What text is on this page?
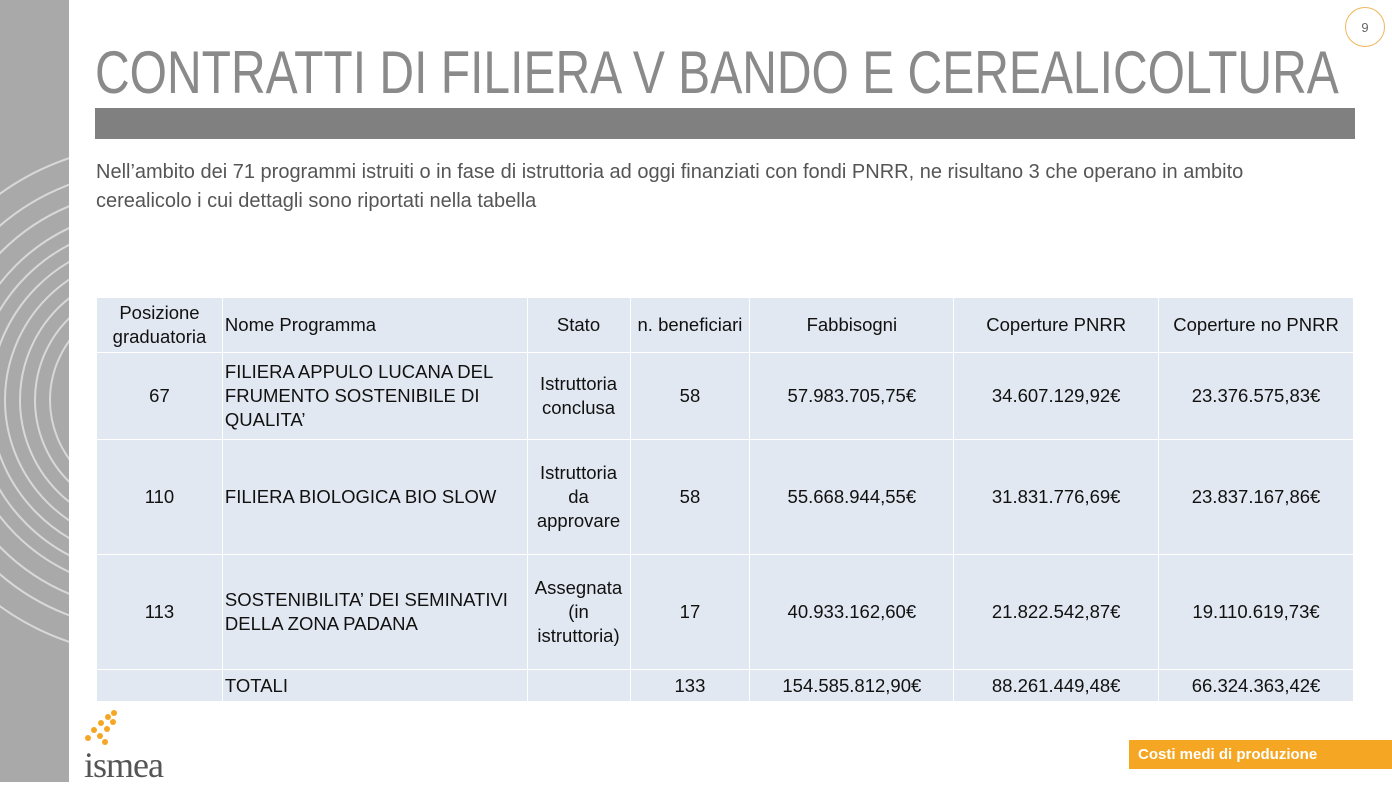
9
CONTRATTI DI FILIERA V BANDO E CEREALICOLTURA
Nell’ambito dei 71 programmi istruiti o in fase di istruttoria ad oggi finanziati con fondi PNRR, ne risultano 3 che operano in ambito cerealicolo i cui dettagli sono riportati nella tabella
Posizione graduatoria	Nome Programma	Stato	n. beneficiari	Fabbisogni	Coperture PNRR	Coperture no PNRR
67	FILIERA APPULO LUCANA DEL FRUMENTO SOSTENIBILE DI QUALITA’	Istruttoria conclusa	58	57.983.705,75€	34.607.129,92€	23.376.575,83€
110	FILIERA BIOLOGICA BIO SLOW	Istruttoria da approvare	58	55.668.944,55€	31.831.776,69€	23.837.167,86€
113	SOSTENIBILITA’ DEI SEMINATIVI DELLA ZONA PADANA	Assegnata (in istruttoria)	17	40.933.162,60€	21.822.542,87€	19.110.619,73€
	TOTALI		133	154.585.812,90€	88.261.449,48€	66.324.363,42€
ismea	Costi medi di produzione
